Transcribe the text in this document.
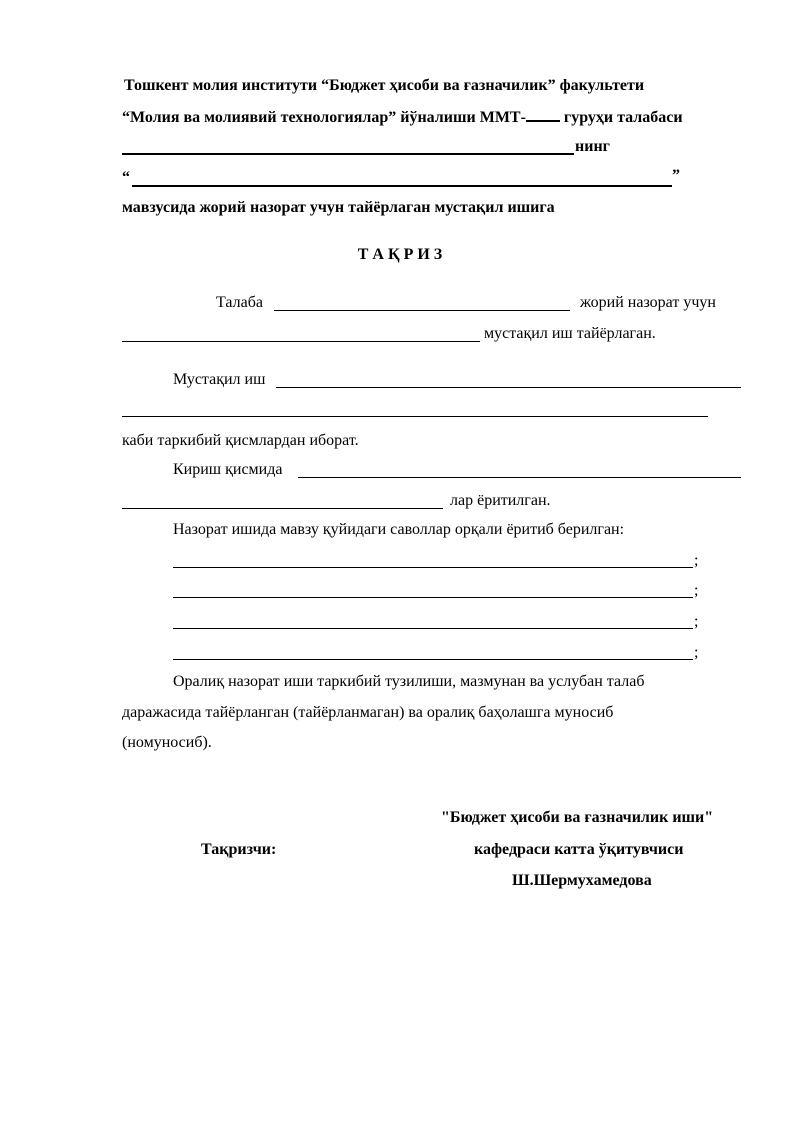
Тошкент молия институти “Бюджет ҳисоби ва ғазначилик” факультети
“Молия ва молиявий технологиялар” йўналиши ММТ- гуруҳи талабаси
нинг
“	”
мавзусида жорий назорат учун тайёрлаган мустақил ишига
Т А Қ Р И З
Талаба	жорий назорат учун
мустақил иш тайёрлаган.
Мустақил иш
каби таркибий қисмлардан иборат.
Кириш қисмида
лар ёритилган.
Назорат ишида мавзу қуйидаги саволлар орқали ёритиб берилган:
;
;
;
;
Оралиқ назорат иши таркибий тузилиши, мазмунан ва услубан талаб
даражасида тайёрланган (тайёрланмаган) ва оралиқ баҳолашга муносиб
(номуносиб).
"Бюджет ҳисоби ва ғазначилик иши"
Тақризчи:	кафедраси катта ўқитувчиси
Ш.Шермухамедова
